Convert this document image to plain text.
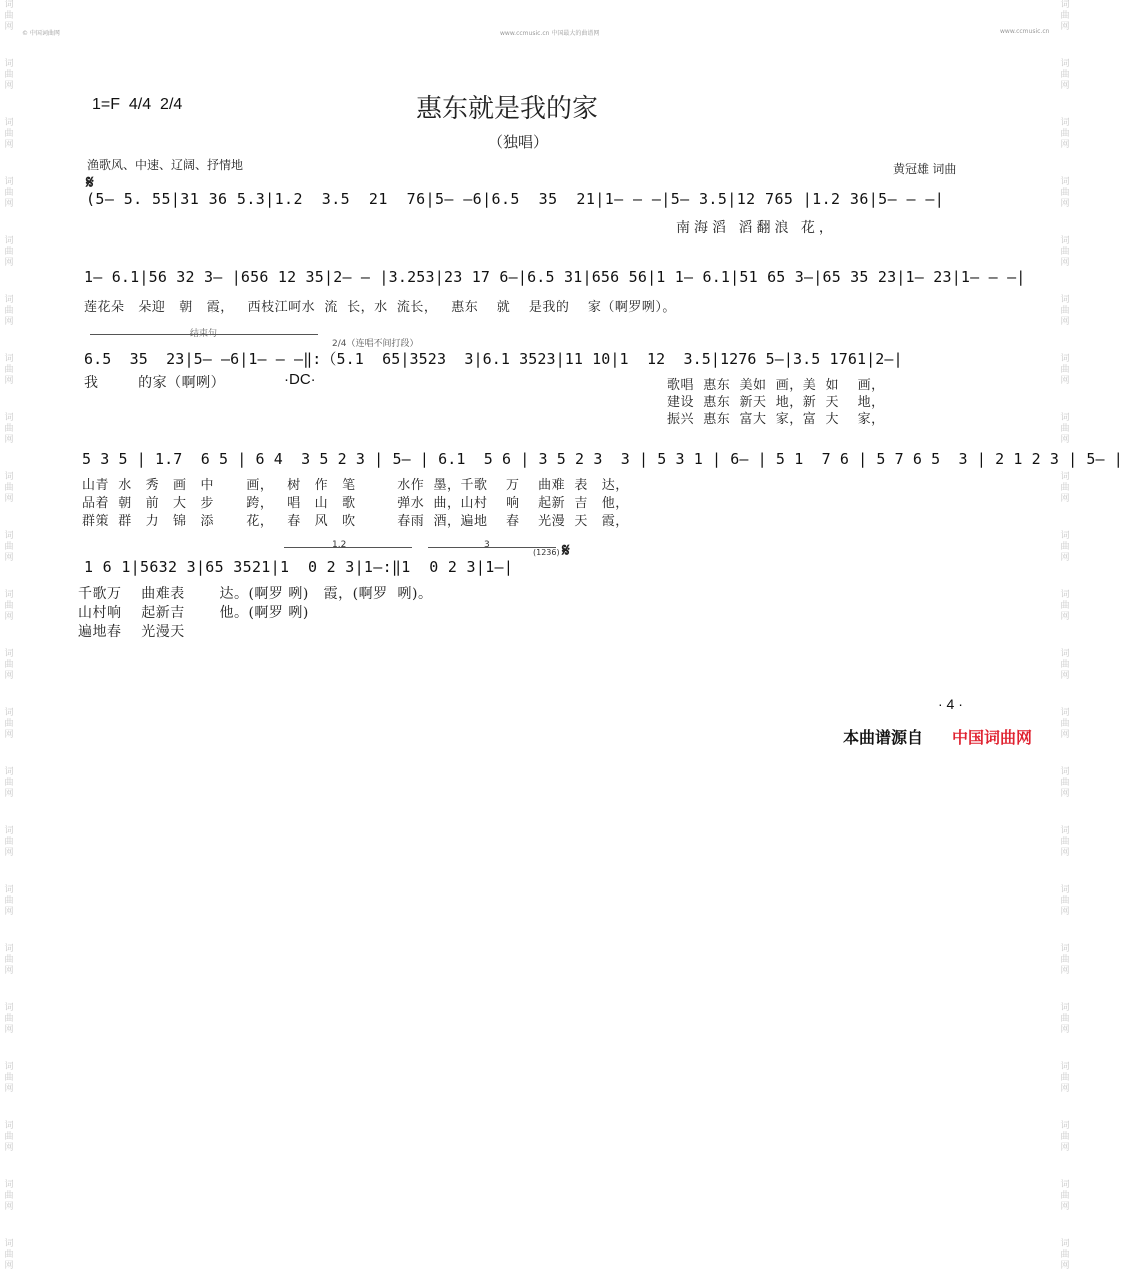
词
曲
网
词
曲
网
词
曲
网
词
曲
网
词
曲
网
词
曲
网
词
曲
网
词
曲
网
词
曲
网
词
曲
网
词
曲
网
词
曲
网
词
曲
网
词
曲
网
词
曲
网
词
曲
网
词
曲
网
词
曲
网
词
曲
网
词
曲
网
词
曲
网
词
曲
网
词
曲
网
词
曲
网
词
曲
网
词
曲
网
词
曲
网
词
曲
网
词
曲
网
词
曲
网
词
曲
网
词
曲
网
词
曲
网
词
曲
网
词
曲
网
词
曲
网
词
曲
网
词
曲
网
词
曲
网
词
曲
网
词
曲
网
词
曲
网
词
曲
网
词
曲
网
© 中国词曲网	www.ccmusic.cn 中国最大的曲谱网	www.ccmusic.cn
1=F  4/4  2/4	惠东就是我的家
（独唱）
渔歌风、中速、辽阔、抒情地	黄冠雄 词曲
𝄋
𝄋
(5— 5. 55|31 36 5.3|1.2  3.5  21  76|5— —6|6.5  35  21|1— — —|5— 3.5|12 765 |1.2 36|5— — —|
南海滔 滔翻浪 花，
1— 6.1|56 32 3— |656 12 35|2— — |3.253|23 17 6—|6.5 31|656 56|1 1— 6.1|51 65 3—|65 35 23|1— 23|1— — —|
莲花朵   朵迎   朝   霞，   西枝江呵水  流  长，水  流长，   惠东    就    是我的    家（啊罗咧）。
结束句
2/4（连唱不间打段）
6.5  35  23|5— —6|1— — —‖:（5.1  65|3523  3|6.1 3523|11 10|1  12  3.5|1276 5—|3.5 1761|2—|
我        的家（啊咧）	·DC·	歌唱  惠东  美如  画，美  如    画，
建设  惠东  新天  地，新  天    地，
振兴  惠东  富大  家，富  大    家，
5 3 5 | 1.7  6 5 | 6 4  3 5 2 3 | 5— | 6.1  5 6 | 3 5 2 3  3 | 5 3 1 | 6— | 5 1  7 6 | 5 7 6 5  3 | 2 1 2 3 | 5— |
山青  水   秀   画   中       画，   树   作   笔         水作  墨，千歌    万    曲难  表   达，
品着  朝   前   大   步       跨，   唱   山   歌         弹水  曲，山村    响    起新  吉   他，
群策  群   力   锦   添       花，   春   风   吹         春雨  酒，遍地    春    光漫  天   霞，
1.2	3
(1236)
1 6 1|5632 3|65 3521|1  0 2 3|1—:‖1  0 2 3|1—|
千歌万    曲难表       达。(啊罗 咧)   霞，(啊罗  咧)。
山村响    起新吉       他。(啊罗 咧)
遍地春    光漫天
· 4 ·
本曲谱源自 中国词曲网
